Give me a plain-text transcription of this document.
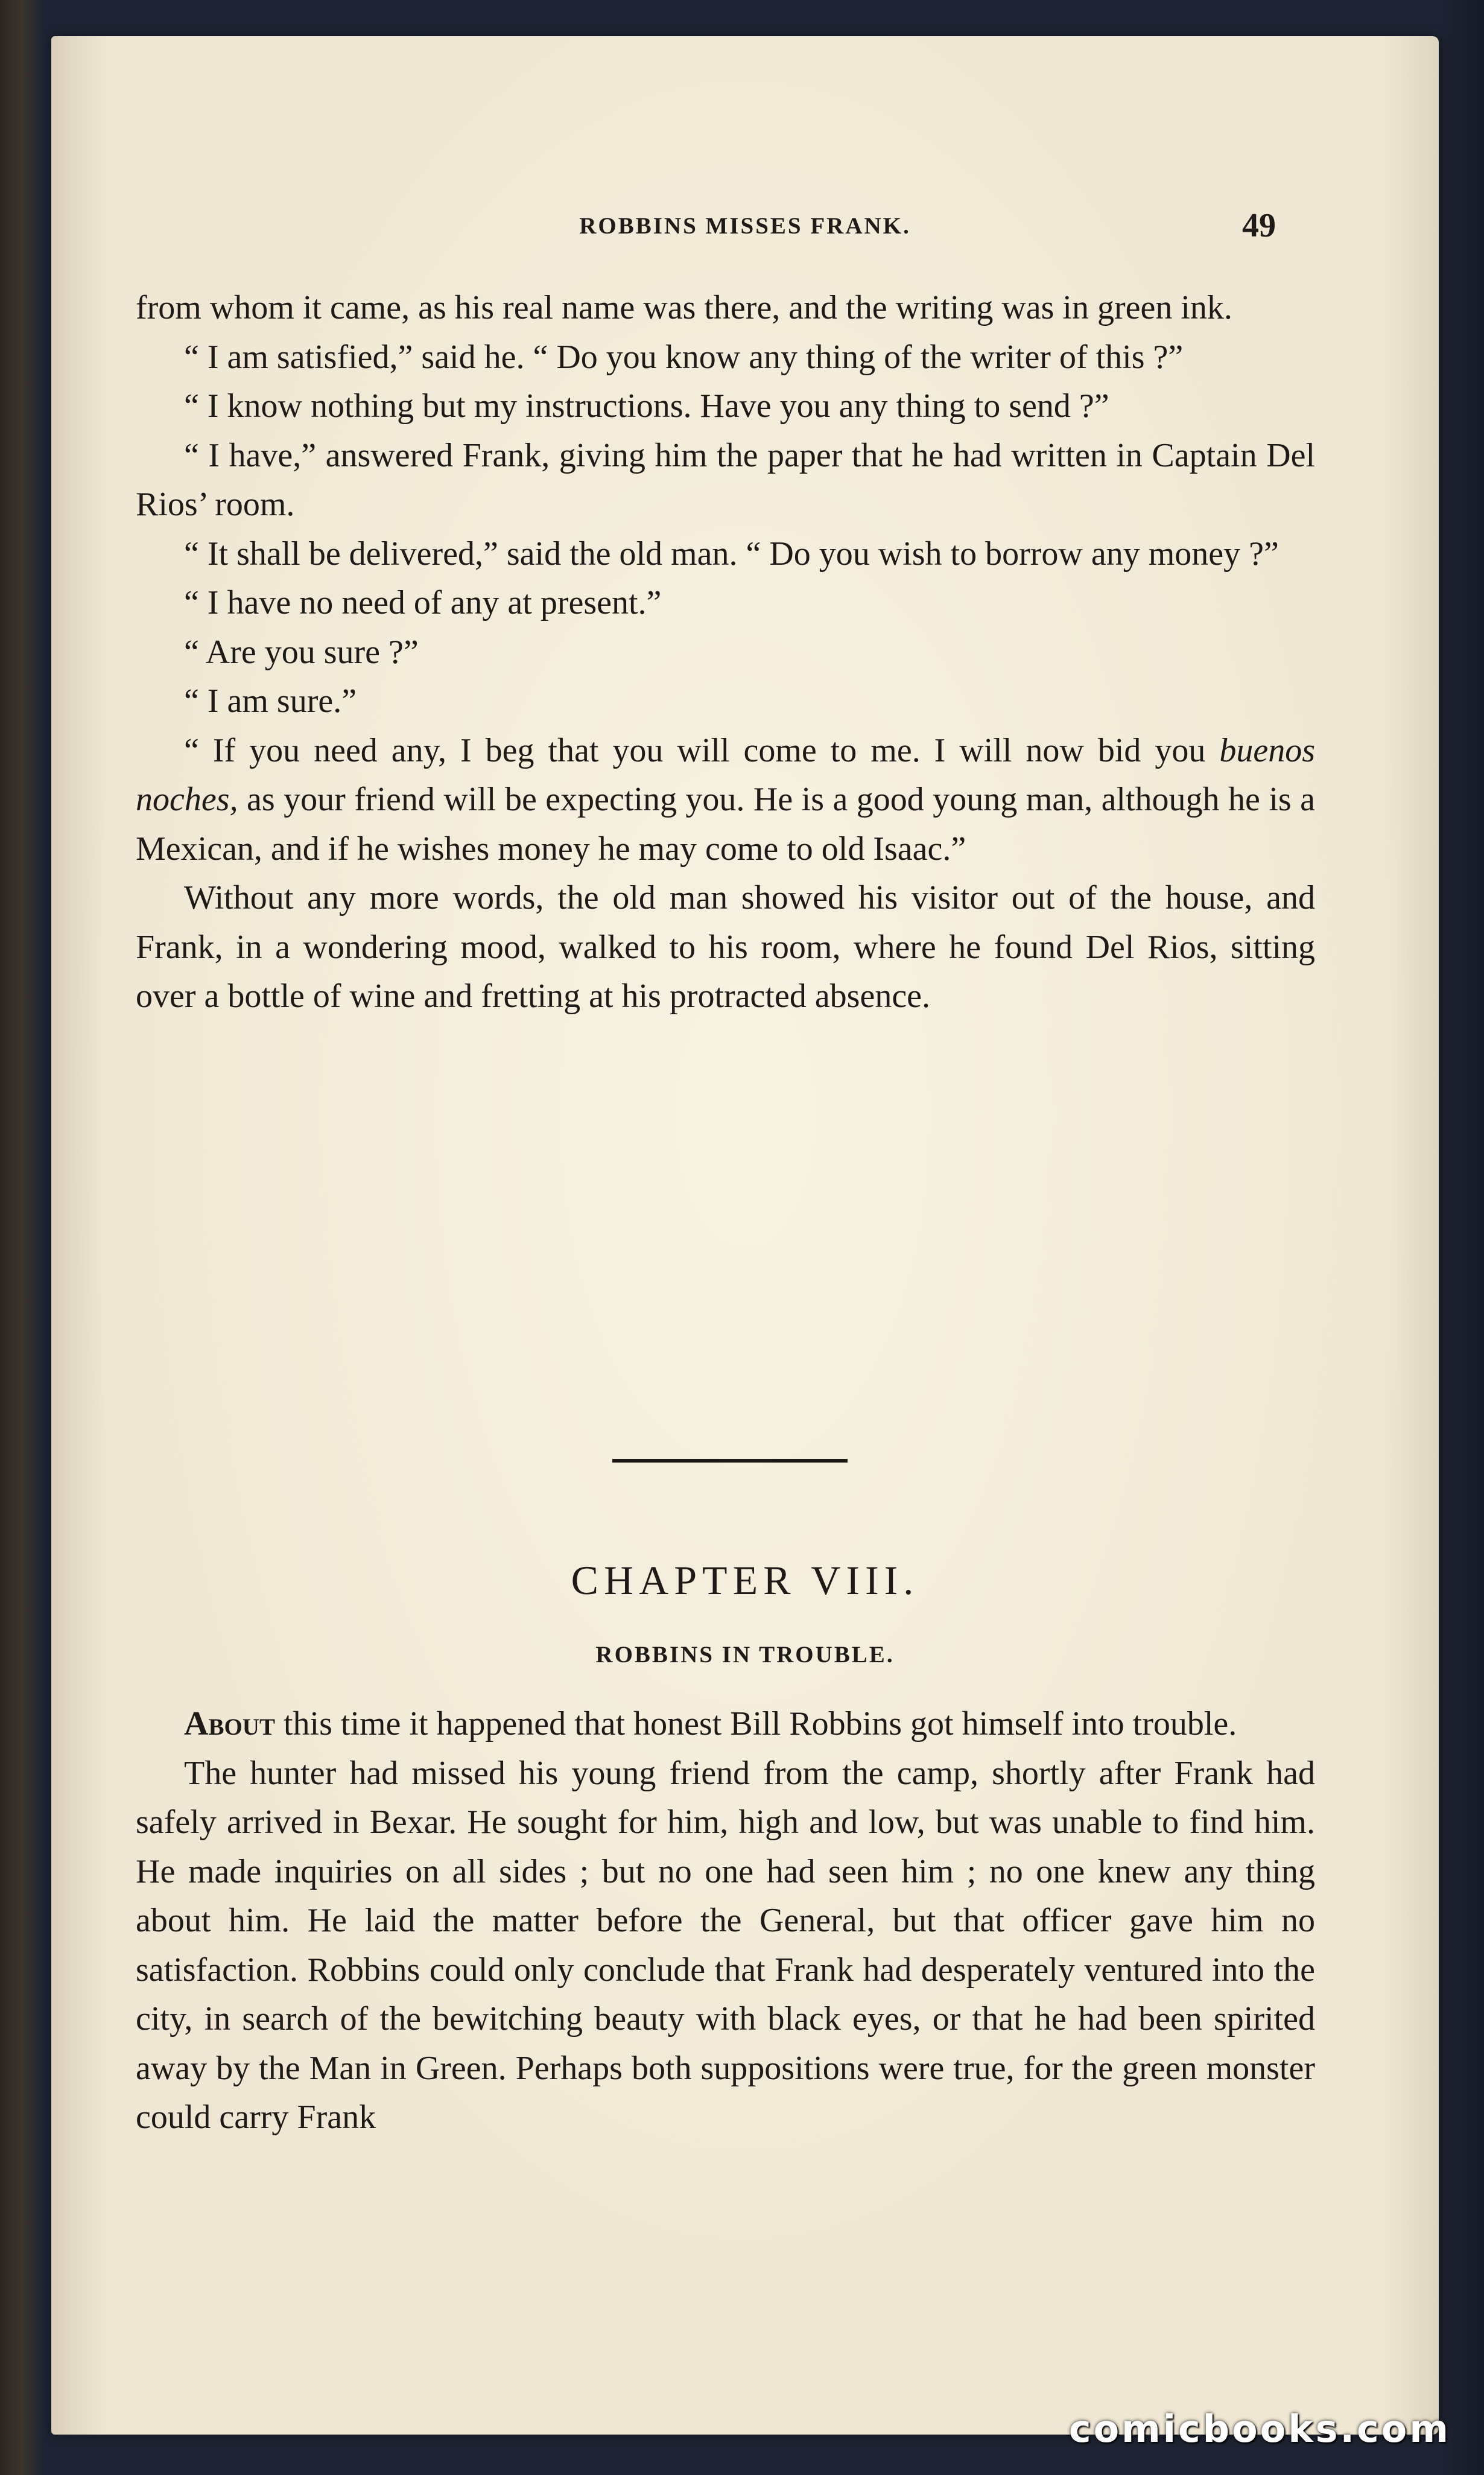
ROBBINS MISSES FRANK.	49

from whom it came, as his real name was there, and the writing was in green ink.

“ I am satisfied,” said he. “ Do you know any thing of the writer of this ?”

“ I know nothing but my instructions. Have you any thing to send ?”

“ I have,” answered Frank, giving him the paper that he had written in Captain Del Rios’ room.

“ It shall be delivered,” said the old man. “ Do you wish to borrow any money ?”

“ I have no need of any at present.”

“ Are you sure ?”

“ I am sure.”

“ If you need any, I beg that you will come to me. I will now bid you buenos noches, as your friend will be expecting you. He is a good young man, although he is a Mexican, and if he wishes money he may come to old Isaac.”

Without any more words, the old man showed his visitor out of the house, and Frank, in a wondering mood, walked to his room, where he found Del Rios, sitting over a bottle of wine and fretting at his protracted absence.

CHAPTER VIII.
ROBBINS IN TROUBLE.

About this time it happened that honest Bill Robbins got himself into trouble.

The hunter had missed his young friend from the camp, shortly after Frank had safely arrived in Bexar. He sought for him, high and low, but was unable to find him. He made inquiries on all sides ; but no one had seen him ; no one knew any thing about him. He laid the matter before the General, but that officer gave him no satisfaction. Robbins could only conclude that Frank had desperately ventured into the city, in search of the bewitching beauty with black eyes, or that he had been spirited away by the Man in Green. Perhaps both suppositions were true, for the green monster could carry Frank

comicbooks.com
